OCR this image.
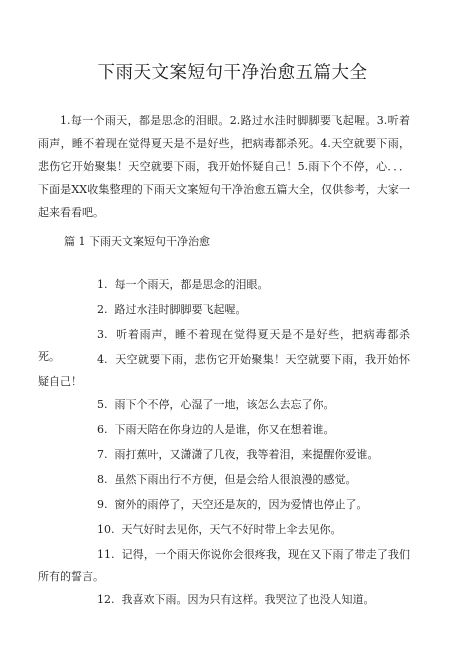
下雨天文案短句干净治愈五篇大全
1.每一个雨天，都是思念的泪眼。2.路过水洼时脚脚要飞起喔。3.听着雨声，睡不着现在觉得夏天是不是好些，把病毒都杀死。4.天空就要下雨，悲伤它开始聚集！天空就要下雨，我开始怀疑自己！5.雨下个不停，心．．．下面是XX收集整理的下雨天文案短句干净治愈五篇大全，仅供参考，大家一起来看看吧。
篇 1 下雨天文案短句干净治愈
1. 每一个雨天，都是思念的泪眼。
2. 路过水洼时脚脚要飞起喔。
3. 听着雨声，睡不着现在觉得夏天是不是好些，把病毒都杀死。	4. 天空就要下雨，悲伤它开始聚集！天空就要下雨，我开始怀疑自己！
5. 雨下个不停，心湿了一地，该怎么去忘了你。
6. 下雨天陪在你身边的人是谁，你又在想着谁。
7. 雨打蕉叶，又潇潇了几夜，我等着泪，来提醒你爱谁。
8. 虽然下雨出行不方便，但是会给人很浪漫的感觉。
9. 窗外的雨停了，天空还是灰的，因为爱情也停止了。
10. 天气好时去见你，天气不好时带上伞去见你。
11. 记得，一个雨天你说你会很疼我，现在又下雨了带走了我们所有的誓言。
12. 我喜欢下雨。因为只有这样。我哭泣了也没人知道。
